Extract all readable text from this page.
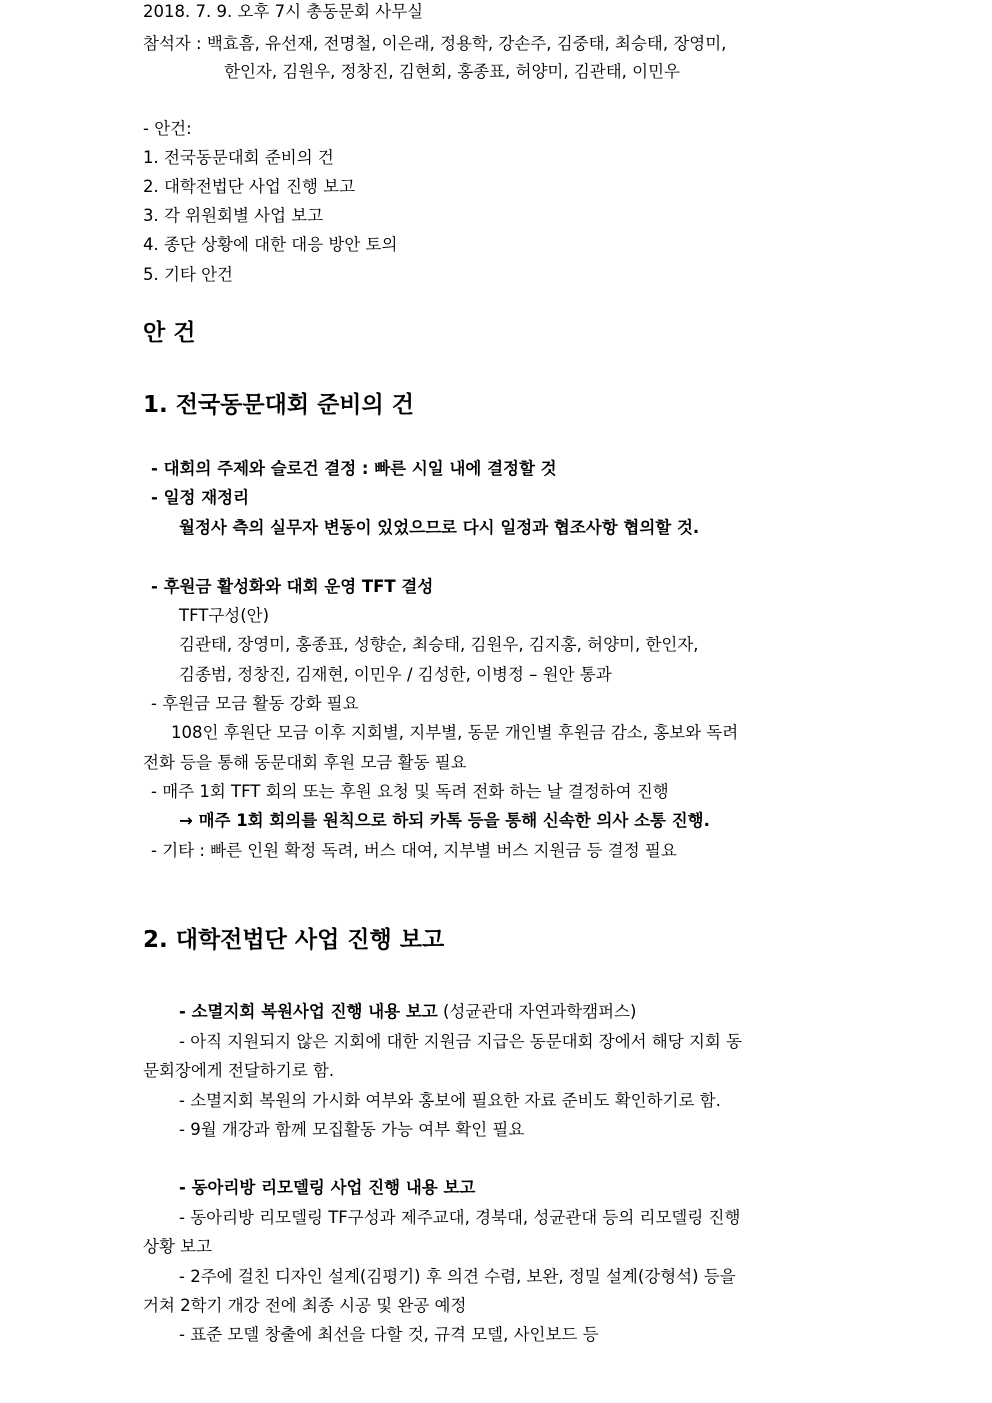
2018. 7. 9. 오후 7시 총동문회 사무실
참석자 : 백효흠, 유선재, 전명철, 이은래, 정용학, 강손주, 김중태, 최승태, 장영미,
한인자, 김원우, 정창진, 김현회, 홍종표, 허양미, 김관태, 이민우
- 안건:
1. 전국동문대회 준비의 건
2. 대학전법단 사업 진행 보고
3. 각 위원회별 사업 보고
4. 종단 상황에 대한 대응 방안 토의
5. 기타 안건
안 건
1. 전국동문대회 준비의 건
- 대회의 주제와 슬로건 결정 : 빠른 시일 내에 결정할 것
- 일정 재정리
월정사 측의 실무자 변동이 있었으므로 다시 일정과 협조사항 협의할 것.
- 후원금 활성화와 대회 운영 TFT 결성
TFT구성(안)
김관태, 장영미, 홍종표, 성향순, 최승태, 김원우, 김지홍, 허양미, 한인자,
김종범, 정창진, 김재현, 이민우 / 김성한, 이병정 – 원안 통과
- 후원금 모금 활동 강화 필요
108인 후원단 모금 이후 지회별, 지부별, 동문 개인별 후원금 감소, 홍보와 독려
전화 등을 통해 동문대회 후원 모금 활동 필요
- 매주 1회 TFT 회의 또는 후원 요청 및 독려 전화 하는 날 결정하여 진행
→ 매주 1회 회의를 원칙으로 하되 카톡 등을 통해 신속한 의사 소통 진행.
- 기타 : 빠른 인원 확정 독려, 버스 대여, 지부별 버스 지원금 등 결정 필요
2. 대학전법단 사업 진행 보고
- 소멸지회 복원사업 진행 내용 보고 (성균관대 자연과학캠퍼스)
- 아직 지원되지 않은 지회에 대한 지원금 지급은 동문대회 장에서 해당 지회 동
문회장에게 전달하기로 함.
- 소멸지회 복원의 가시화 여부와 홍보에 필요한 자료 준비도 확인하기로 함.
- 9월 개강과 함께 모집활동 가능 여부 확인 필요
- 동아리방 리모델링 사업 진행 내용 보고
- 동아리방 리모델링 TF구성과 제주교대, 경북대, 성균관대 등의 리모델링 진행
상황 보고
- 2주에 걸친 디자인 설계(김평기) 후 의견 수렴, 보완, 정밀 설계(강형석) 등을
거쳐 2학기 개강 전에 최종 시공 및 완공 예정
- 표준 모델 창출에 최선을 다할 것, 규격 모델, 사인보드 등
